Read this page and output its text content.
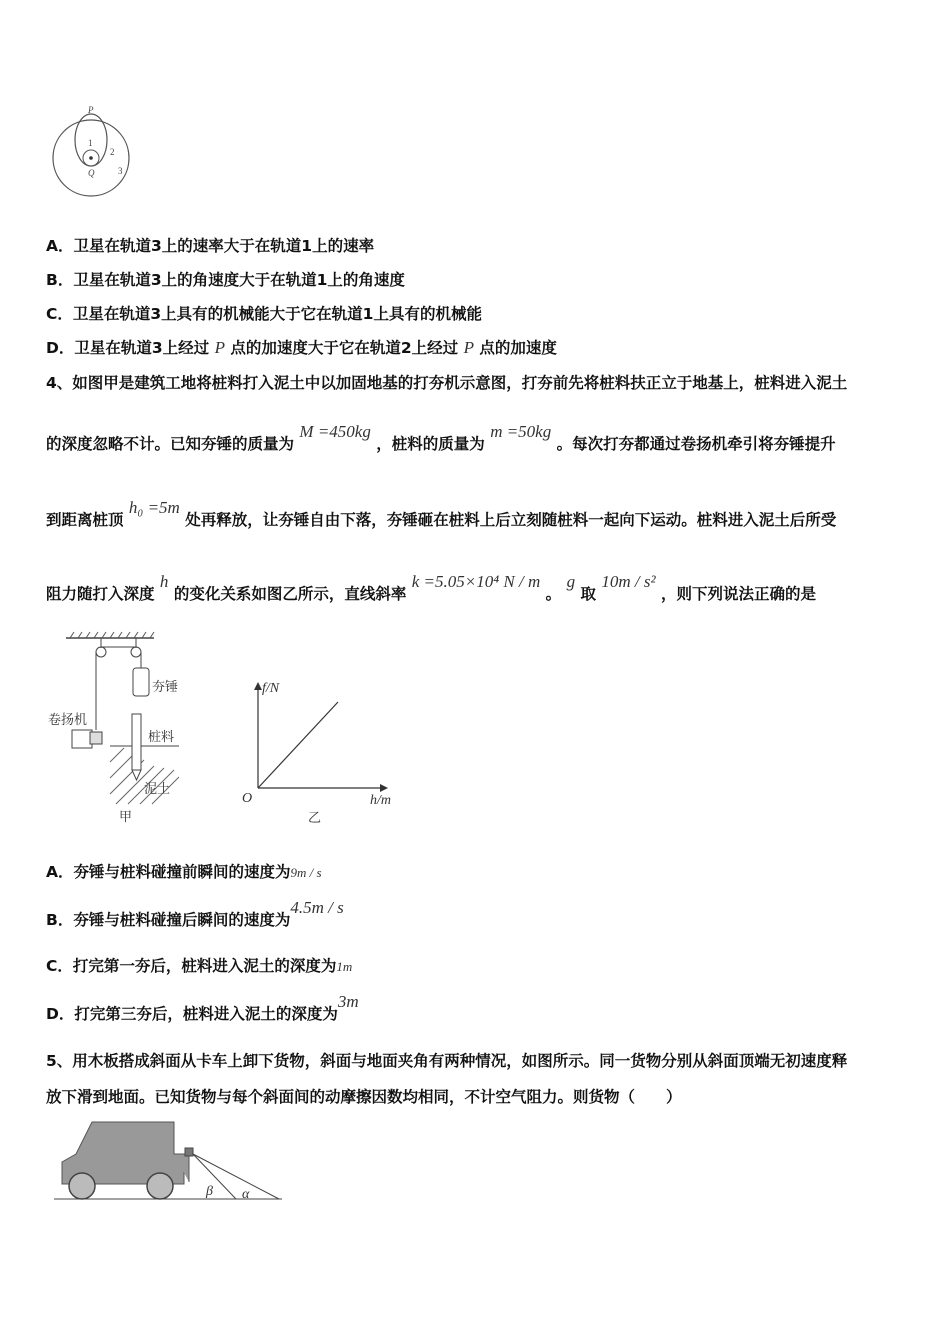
P
Q
1
2
3
A．卫星在轨道3上的速率大于在轨道1上的速率
B．卫星在轨道3上的角速度大于在轨道1上的角速度
C．卫星在轨道3上具有的机械能大于它在轨道1上具有的机械能
D．卫星在轨道3上经过 P 点的加速度大于它在轨道2上经过 P 点的加速度
4、如图甲是建筑工地将桩料打入泥土中以加固地基的打夯机示意图，打夯前先将桩料扶正立于地基上，桩料进入泥土
的深度忽略不计。已知夯锤的质量为 M =450kg ，桩料的质量为 m =50kg 。每次打夯都通过卷扬机牵引将夯锤提升
到距离桩顶 h₀ =5m 处再释放，让夯锤自由下落，夯锤砸在桩料上后立刻随桩料一起向下运动。桩料进入泥土后所受
阻力随打入深度 h 的变化关系如图乙所示，直线斜率 k =5.05×10⁴ N / m 。 g 取 10m / s² ，则下列说法正确的是
夯锤
卷扬机
桩料
泥土
甲
f/N
h/m
O
乙
A．夯锤与桩料碰撞前瞬间的速度为9m / s
B．夯锤与桩料碰撞后瞬间的速度为4.5m / s
C．打完第一夯后，桩料进入泥土的深度为1m
D．打完第三夯后，桩料进入泥土的深度为3m
5、用木板搭成斜面从卡车上卸下货物，斜面与地面夹角有两种情况，如图所示。同一货物分别从斜面顶端无初速度释
放下滑到地面。已知货物与每个斜面间的动摩擦因数均相同，不计空气阻力。则货物（　　）
β α
